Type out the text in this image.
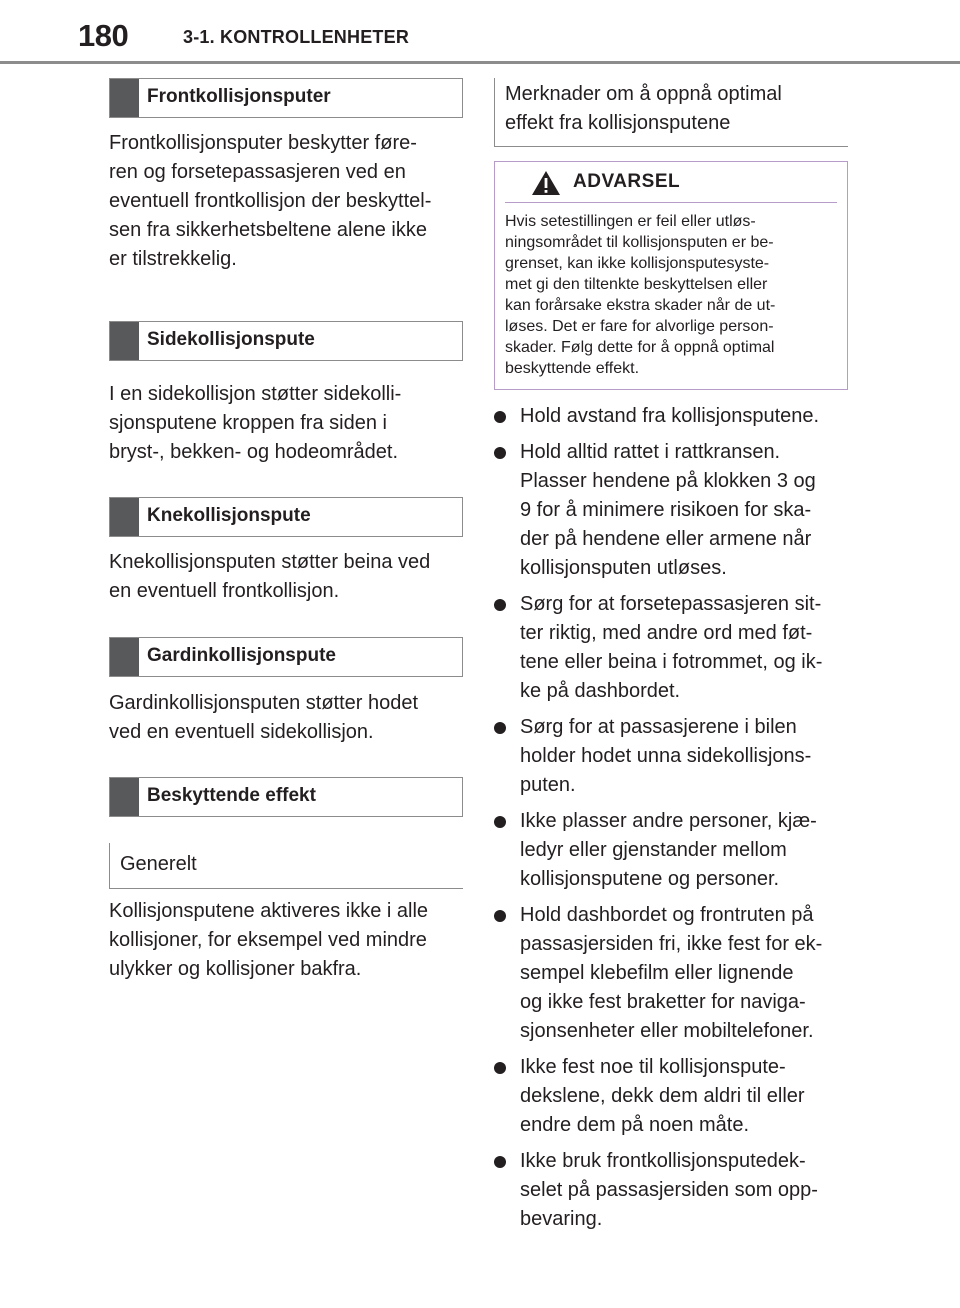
180	3-1. KONTROLLENHETER
Frontkollisjonsputer

Frontkollisjonsputer beskytter føre-
ren og forsetepassasjeren ved en
eventuell frontkollisjon der beskyttel-
sen fra sikkerhetsbeltene alene ikke
er tilstrekkelig.

Sidekollisjonspute

I en sidekollisjon støtter sidekolli-
sjonsputene kroppen fra siden i
bryst-, bekken- og hodeområdet.

Knekollisjonspute

Knekollisjonsputen støtter beina ved
en eventuell frontkollisjon.

Gardinkollisjonspute

Gardinkollisjonsputen støtter hodet
ved en eventuell sidekollisjon.

Beskyttende effekt
Generelt

Kollisjonsputene aktiveres ikke i alle
kollisjoner, for eksempel ved mindre
ulykker og kollisjoner bakfra.

Merknader om å oppnå optimal
effekt fra kollisjonsputene
ADVARSEL
Hvis setestillingen er feil eller utløs-
ningsområdet til kollisjonsputen er be-
grenset, kan ikke kollisjonsputesyste-
met gi den tiltenkte beskyttelsen eller
kan forårsake ekstra skader når de ut-
løses. Det er fare for alvorlige person-
skader. Følg dette for å oppnå optimal
beskyttende effekt.
Hold avstand fra kollisjonsputene.
Hold alltid rattet i rattkransen.
Plasser hendene på klokken 3 og
9 for å minimere risikoen for ska-
der på hendene eller armene når
kollisjonsputen utløses.
Sørg for at forsetepassasjeren sit-
ter riktig, med andre ord med føt-
tene eller beina i fotrommet, og ik-
ke på dashbordet.
Sørg for at passasjerene i bilen
holder hodet unna sidekollisjons-
puten.
Ikke plasser andre personer, kjæ-
ledyr eller gjenstander mellom
kollisjonsputene og personer.
Hold dashbordet og frontruten på
passasjersiden fri, ikke fest for ek-
sempel klebefilm eller lignende
og ikke fest braketter for naviga-
sjonsenheter eller mobiltelefoner.
Ikke fest noe til kollisjonspute-
dekslene, dekk dem aldri til eller
endre dem på noen måte.
Ikke bruk frontkollisjonsputedek-
selet på passasjersiden som opp-
bevaring.
